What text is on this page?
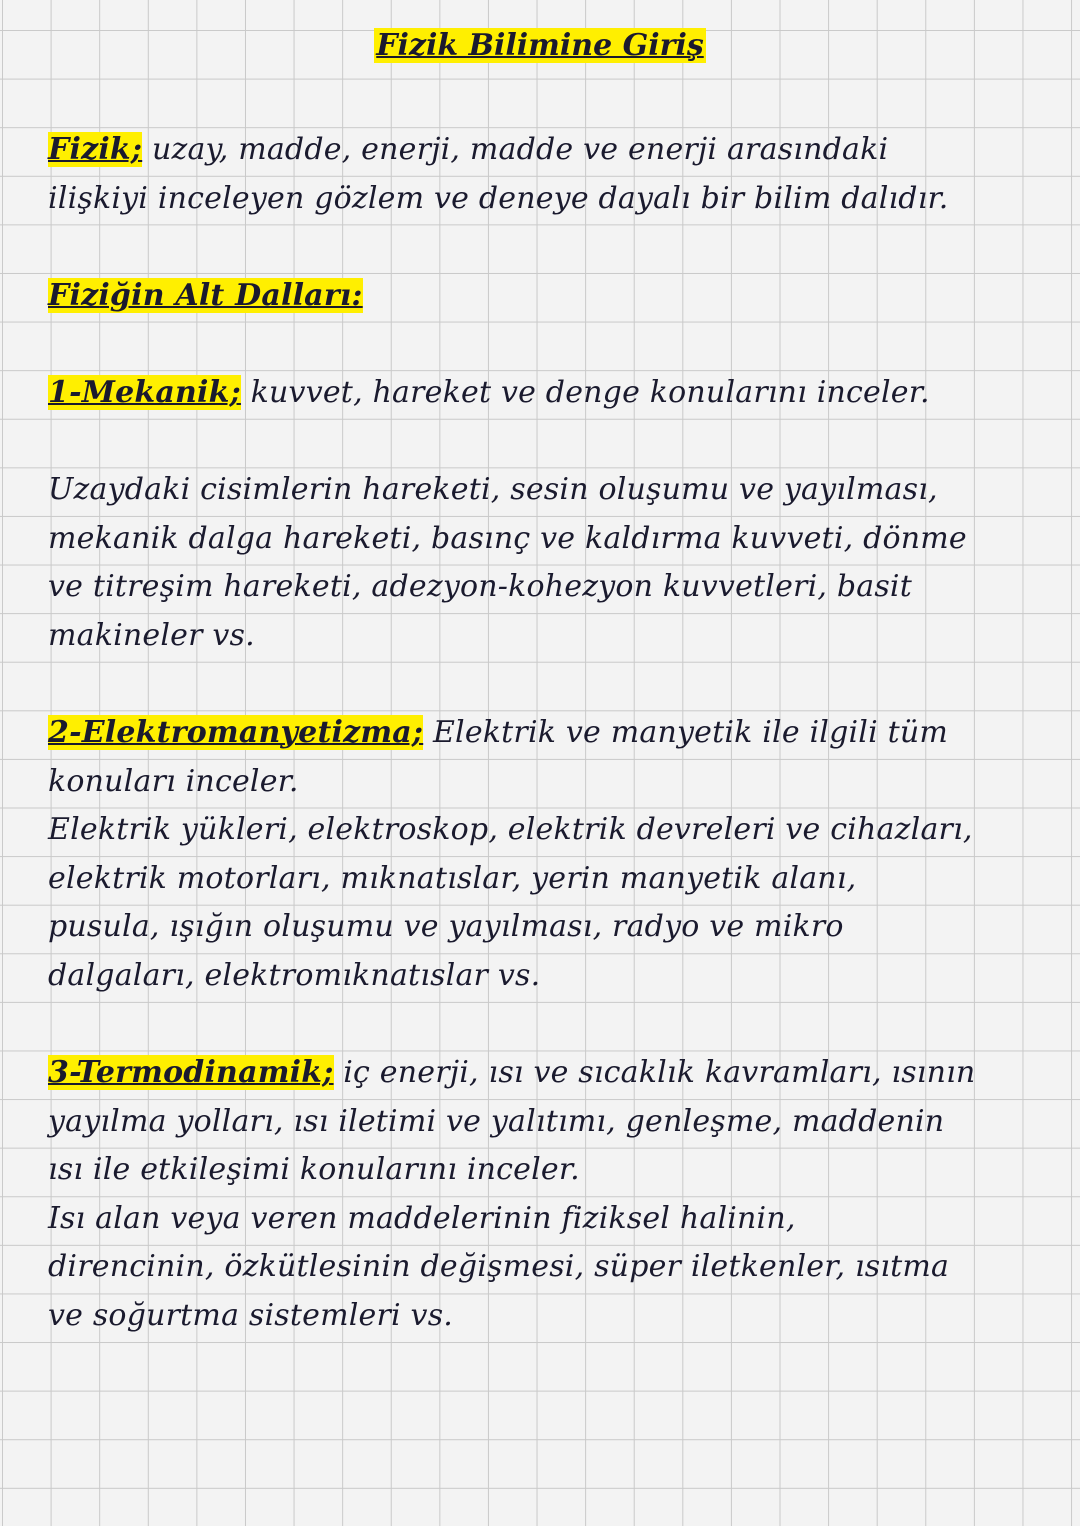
Fizik Bilimine Giriş
Fizik; uzay, madde, enerji, madde ve enerji arasındaki
ilişkiyi inceleyen gözlem ve deneye dayalı bir bilim dalıdır.
Fiziğin Alt Dalları:
1-Mekanik; kuvvet, hareket ve denge konularını inceler.
Uzaydaki cisimlerin hareketi, sesin oluşumu ve yayılması,
mekanik dalga hareketi, basınç ve kaldırma kuvveti, dönme
ve titreşim hareketi, adezyon-kohezyon kuvvetleri, basit
makineler vs.
2-Elektromanyetizma; Elektrik ve manyetik ile ilgili tüm
konuları inceler.
Elektrik yükleri, elektroskop, elektrik devreleri ve cihazları,
elektrik motorları, mıknatıslar, yerin manyetik alanı,
pusula, ışığın oluşumu ve yayılması, radyo ve mikro
dalgaları, elektromıknatıslar vs.
3-Termodinamik; iç enerji, ısı ve sıcaklık kavramları, ısının
yayılma yolları, ısı iletimi ve yalıtımı, genleşme, maddenin
ısı ile etkileşimi konularını inceler.
Isı alan veya veren maddelerinin fiziksel halinin,
direncinin, özkütlesinin değişmesi, süper iletkenler, ısıtma
ve soğurtma sistemleri vs.
